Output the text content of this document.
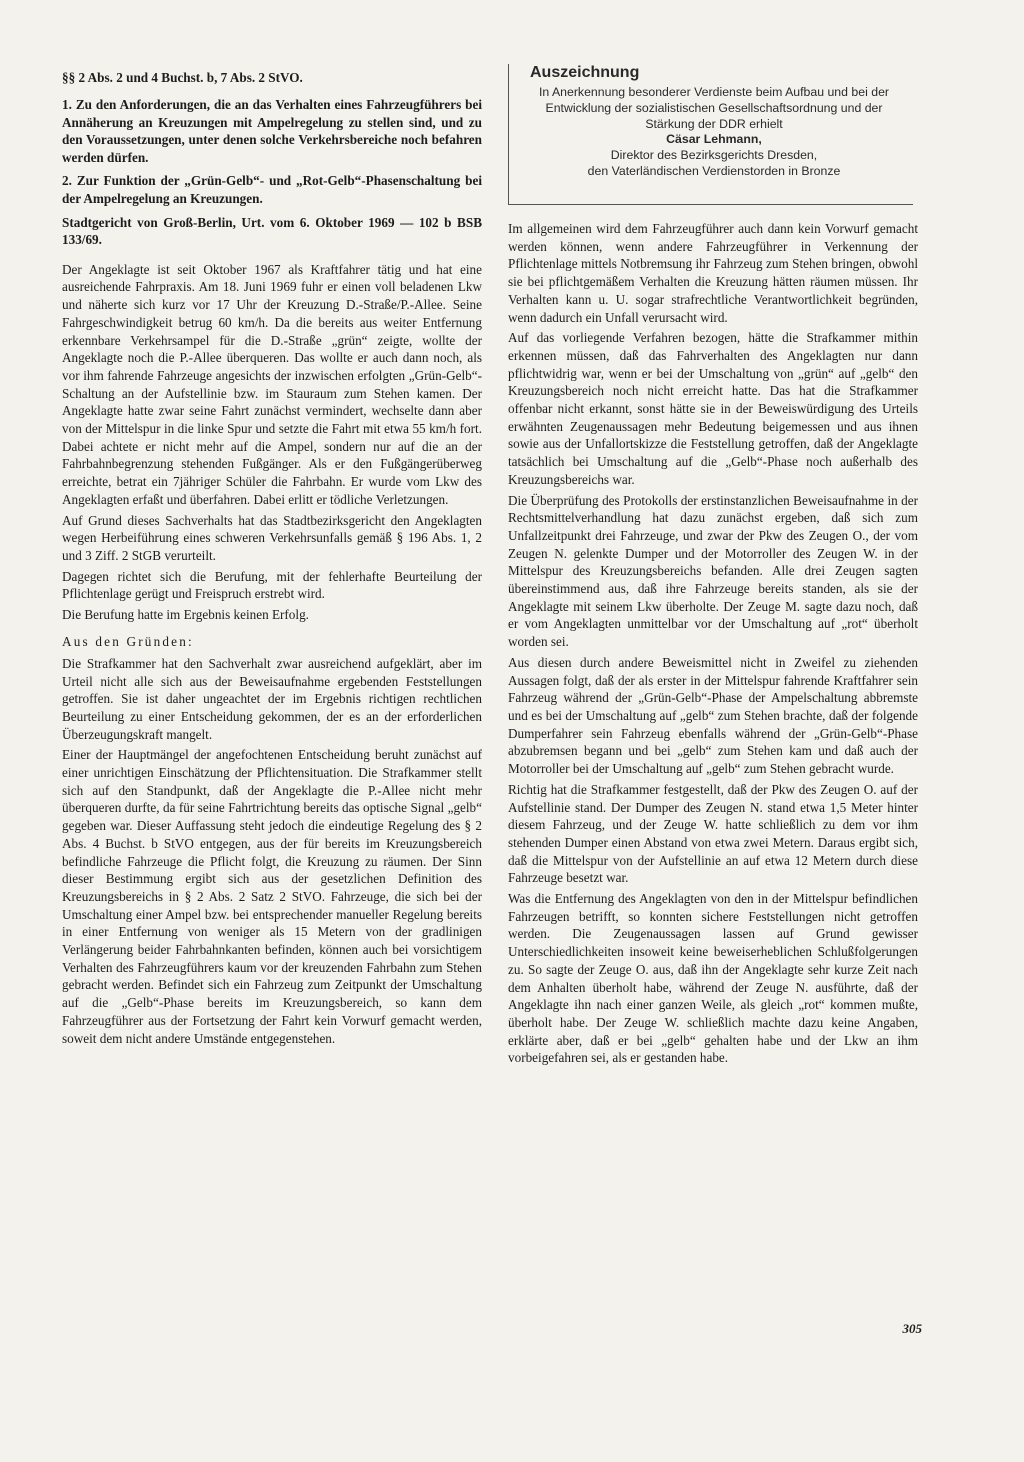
§§ 2 Abs. 2 und 4 Buchst. b, 7 Abs. 2 StVO.
1. Zu den Anforderungen, die an das Verhalten eines Fahrzeugführers bei Annäherung an Kreuzungen mit Ampelregelung zu stellen sind, und zu den Voraussetzungen, unter denen solche Verkehrsbereiche noch befahren werden dürfen.
2. Zur Funktion der „Grün-Gelb“- und „Rot-Gelb“-Phasenschaltung bei der Ampelregelung an Kreuzungen.
Stadtgericht von Groß-Berlin, Urt. vom 6. Oktober 1969 — 102 b BSB 133/69.
Der Angeklagte ist seit Oktober 1967 als Kraftfahrer tätig und hat eine ausreichende Fahrpraxis. Am 18. Juni 1969 fuhr er einen voll beladenen Lkw und näherte sich kurz vor 17 Uhr der Kreuzung D.-Straße/P.-Allee. Seine Fahrgeschwindigkeit betrug 60 km/h. Da die bereits aus weiter Entfernung erkennbare Verkehrsampel für die D.-Straße „grün“ zeigte, wollte der Angeklagte noch die P.-Allee überqueren. Das wollte er auch dann noch, als vor ihm fahrende Fahrzeuge angesichts der inzwischen erfolgten „Grün-Gelb“-Schaltung an der Aufstellinie bzw. im Stauraum zum Stehen kamen. Der Angeklagte hatte zwar seine Fahrt zunächst vermindert, wechselte dann aber von der Mittelspur in die linke Spur und setzte die Fahrt mit etwa 55 km/h fort. Dabei achtete er nicht mehr auf die Ampel, sondern nur auf die an der Fahrbahnbegrenzung stehenden Fußgänger. Als er den Fußgängerüberweg erreichte, betrat ein 7jähriger Schüler die Fahrbahn. Er wurde vom Lkw des Angeklagten erfaßt und überfahren. Dabei erlitt er tödliche Verletzungen.
Auf Grund dieses Sachverhalts hat das Stadtbezirksgericht den Angeklagten wegen Herbeiführung eines schweren Verkehrsunfalls gemäß § 196 Abs. 1, 2 und 3 Ziff. 2 StGB verurteilt.
Dagegen richtet sich die Berufung, mit der fehlerhafte Beurteilung der Pflichtenlage gerügt und Freispruch erstrebt wird.
Die Berufung hatte im Ergebnis keinen Erfolg.
Aus den Gründen:
Die Strafkammer hat den Sachverhalt zwar ausreichend aufgeklärt, aber im Urteil nicht alle sich aus der Beweisaufnahme ergebenden Feststellungen getroffen. Sie ist daher ungeachtet der im Ergebnis richtigen rechtlichen Beurteilung zu einer Entscheidung gekommen, der es an der erforderlichen Überzeugungskraft mangelt.
Einer der Hauptmängel der angefochtenen Entscheidung beruht zunächst auf einer unrichtigen Einschätzung der Pflichtensituation. Die Strafkammer stellt sich auf den Standpunkt, daß der Angeklagte die P.-Allee nicht mehr überqueren durfte, da für seine Fahrtrichtung bereits das optische Signal „gelb“ gegeben war. Dieser Auffassung steht jedoch die eindeutige Regelung des § 2 Abs. 4 Buchst. b StVO entgegen, aus der für bereits im Kreuzungsbereich befindliche Fahrzeuge die Pflicht folgt, die Kreuzung zu räumen. Der Sinn dieser Bestimmung ergibt sich aus der gesetzlichen Definition des Kreuzungsbereichs in § 2 Abs. 2 Satz 2 StVO. Fahrzeuge, die sich bei der Umschaltung einer Ampel bzw. bei entsprechender manueller Regelung bereits in einer Entfernung von weniger als 15 Metern von der gradlinigen Verlängerung beider Fahrbahnkanten befinden, können auch bei vorsichtigem Verhalten des Fahrzeugführers kaum vor der kreuzenden Fahrbahn zum Stehen gebracht werden. Befindet sich ein Fahrzeug zum Zeitpunkt der Umschaltung auf die „Gelb“-Phase bereits im Kreuzungsbereich, so kann dem Fahrzeugführer aus der Fortsetzung der Fahrt kein Vorwurf gemacht werden, soweit dem nicht andere Umstände entgegenstehen.
Auszeichnung
In Anerkennung besonderer Verdienste beim Aufbau und bei der Entwicklung der sozialistischen Gesellschaftsordnung und der Stärkung der DDR erhielt
Cäsar Lehmann,
Direktor des Bezirksgerichts Dresden,
den Vaterländischen Verdienstorden in Bronze
Im allgemeinen wird dem Fahrzeugführer auch dann kein Vorwurf gemacht werden können, wenn andere Fahrzeugführer in Verkennung der Pflichtenlage mittels Notbremsung ihr Fahrzeug zum Stehen bringen, obwohl sie bei pflichtgemäßem Verhalten die Kreuzung hätten räumen müssen. Ihr Verhalten kann u. U. sogar strafrechtliche Verantwortlichkeit begründen, wenn dadurch ein Unfall verursacht wird.
Auf das vorliegende Verfahren bezogen, hätte die Strafkammer mithin erkennen müssen, daß das Fahrverhalten des Angeklagten nur dann pflichtwidrig war, wenn er bei der Umschaltung von „grün“ auf „gelb“ den Kreuzungsbereich noch nicht erreicht hatte. Das hat die Strafkammer offenbar nicht erkannt, sonst hätte sie in der Beweiswürdigung des Urteils erwähnten Zeugenaussagen mehr Bedeutung beigemessen und aus ihnen sowie aus der Unfallortskizze die Feststellung getroffen, daß der Angeklagte tatsächlich bei Umschaltung auf die „Gelb“-Phase noch außerhalb des Kreuzungsbereichs war.
Die Überprüfung des Protokolls der erstinstanzlichen Beweisaufnahme in der Rechtsmittelverhandlung hat dazu zunächst ergeben, daß sich zum Unfallzeitpunkt drei Fahrzeuge, und zwar der Pkw des Zeugen O., der vom Zeugen N. gelenkte Dumper und der Motorroller des Zeugen W. in der Mittelspur des Kreuzungsbereichs befanden. Alle drei Zeugen sagten übereinstimmend aus, daß ihre Fahrzeuge bereits standen, als sie der Angeklagte mit seinem Lkw überholte. Der Zeuge M. sagte dazu noch, daß er vom Angeklagten unmittelbar vor der Umschaltung auf „rot“ überholt worden sei.
Aus diesen durch andere Beweismittel nicht in Zweifel zu ziehenden Aussagen folgt, daß der als erster in der Mittelspur fahrende Kraftfahrer sein Fahrzeug während der „Grün-Gelb“-Phase der Ampelschaltung abbremste und es bei der Umschaltung auf „gelb“ zum Stehen brachte, daß der folgende Dumperfahrer sein Fahrzeug ebenfalls während der „Grün-Gelb“-Phase abzubremsen begann und bei „gelb“ zum Stehen kam und daß auch der Motorroller bei der Umschaltung auf „gelb“ zum Stehen gebracht wurde.
Richtig hat die Strafkammer festgestellt, daß der Pkw des Zeugen O. auf der Aufstellinie stand. Der Dumper des Zeugen N. stand etwa 1,5 Meter hinter diesem Fahrzeug, und der Zeuge W. hatte schließlich zu dem vor ihm stehenden Dumper einen Abstand von etwa zwei Metern. Daraus ergibt sich, daß die Mittelspur von der Aufstellinie an auf etwa 12 Metern durch diese Fahrzeuge besetzt war.
Was die Entfernung des Angeklagten von den in der Mittelspur befindlichen Fahrzeugen betrifft, so konnten sichere Feststellungen nicht getroffen werden. Die Zeugenaussagen lassen auf Grund gewisser Unterschiedlichkeiten insoweit keine beweiserheblichen Schlußfolgerungen zu. So sagte der Zeuge O. aus, daß ihn der Angeklagte sehr kurze Zeit nach dem Anhalten überholt habe, während der Zeuge N. ausführte, daß der Angeklagte ihn nach einer ganzen Weile, als gleich „rot“ kommen mußte, überholt habe. Der Zeuge W. schließlich machte dazu keine Angaben, erklärte aber, daß er bei „gelb“ gehalten habe und der Lkw an ihm vorbeigefahren sei, als er gestanden habe.
305
